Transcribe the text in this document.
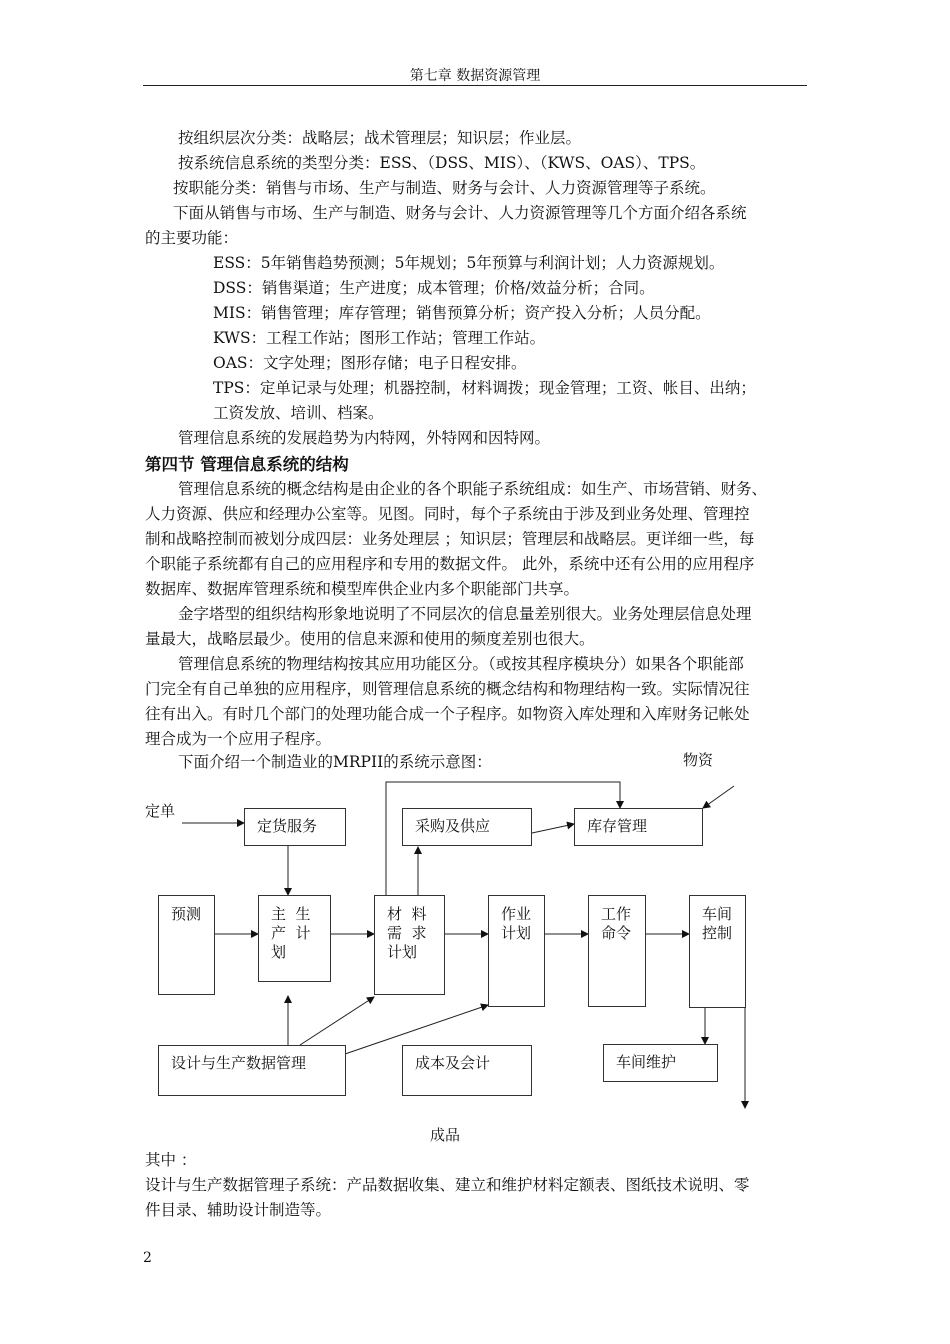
第七章 数据资源管理
按组织层次分类：战略层；战术管理层；知识层；作业层。
按系统信息系统的类型分类：ESS、（DSS、MIS）、（KWS、OAS）、TPS。
按职能分类：销售与市场、生产与制造、财务与会计、人力资源管理等子系统。
下面从销售与市场、生产与制造、财务与会计、人力资源管理等几个方面介绍各系统
的主要功能：
ESS：5年销售趋势预测；5年规划；5年预算与利润计划；人力资源规划。
DSS：销售渠道；生产进度；成本管理；价格/效益分析；合同。
MIS：销售管理；库存管理；销售预算分析；资产投入分析；人员分配。
KWS：工程工作站；图形工作站；管理工作站。
OAS：文字处理；图形存储；电子日程安排。
TPS：定单记录与处理；机器控制，材料调拨；现金管理；工资、帐目、出纳；
工资发放、培训、档案。
管理信息系统的发展趋势为内特网，外特网和因特网。
第四节 管理信息系统的结构
管理信息系统的概念结构是由企业的各个职能子系统组成：如生产、市场营销、财务、
人力资源、供应和经理办公室等。见图。同时，每个子系统由于涉及到业务处理、管理控
制和战略控制而被划分成四层：业务处理层 ；知识层；管理层和战略层。更详细一些，每
个职能子系统都有自己的应用程序和专用的数据文件。 此外，系统中还有公用的应用程序
数据库、数据库管理系统和模型库供企业内多个职能部门共享。
金字塔型的组织结构形象地说明了不同层次的信息量差别很大。业务处理层信息处理
量最大，战略层最少。使用的信息来源和使用的频度差别也很大。
管理信息系统的物理结构按其应用功能区分。（或按其程序模块分）如果各个职能部
门完全有自己单独的应用程序，则管理信息系统的概念结构和物理结构一致。实际情况往
往有出入。有时几个部门的处理功能合成一个子程序。如物资入库处理和入库财务记帐处
理合成为一个应用子程序。
下面介绍一个制造业的MRPII的系统示意图：	物资
定单
成品
定货服务	采购及供应	库存管理
预测	主  生
产  计
划
材  料
需  求
计划
作业
计划
工作
命令
车间
控制
设计与生产数据管理	成本及会计	车间维护
其中 ：
设计与生产数据管理子系统：产品数据收集、建立和维护材料定额表、图纸技术说明、零
件目录、辅助设计制造等。
2
